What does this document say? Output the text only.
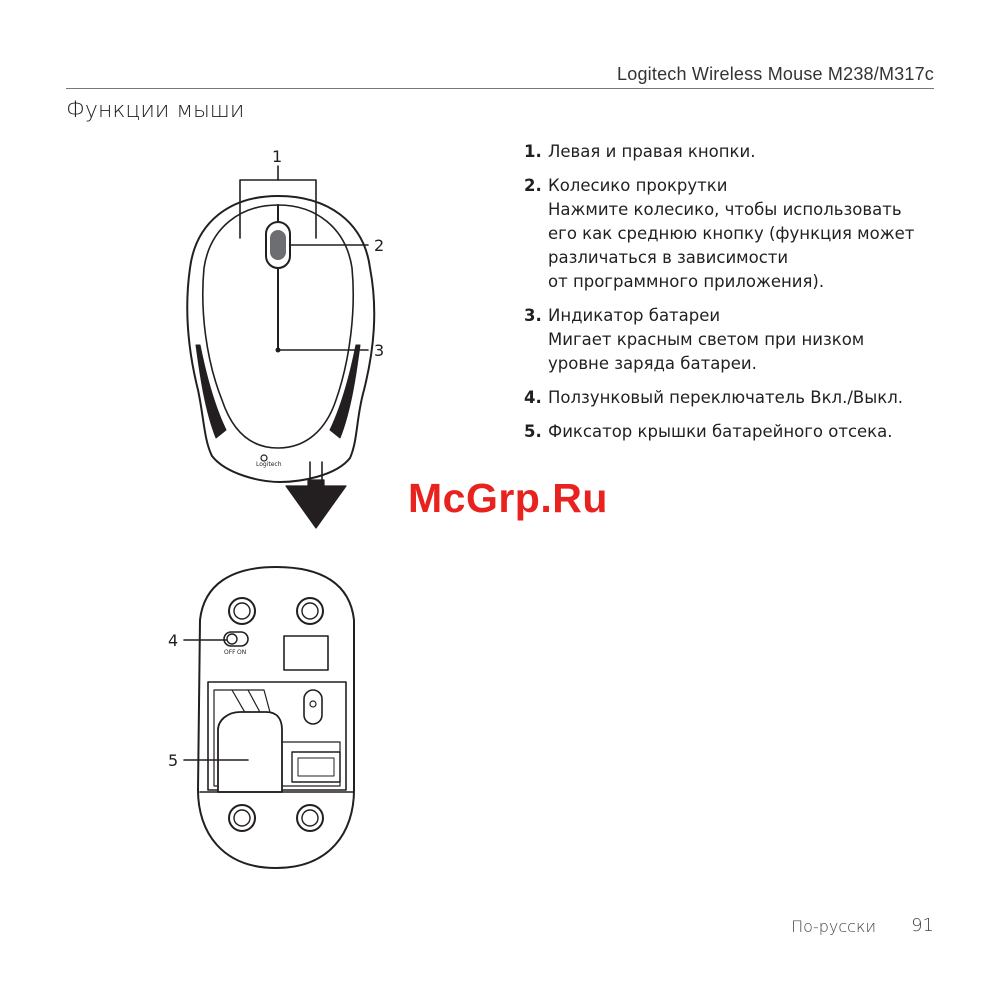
Logitech Wireless Mouse M238/M317c
Функции мыши
1
2
3
4
5
OFF ON
Logitech
1. Левая и правая кнопки.
2. Колесико прокрутки
Нажмите колесико, чтобы использовать
его как среднюю кнопку (функция может
различаться в зависимости
от программного приложения).
3. Индикатор батареи
Мигает красным светом при низком
уровне заряда батареи.
4. Ползунковый переключатель Вкл./Выкл.
5. Фиксатор крышки батарейного отсека.
McGrp.Ru
По-русски 91
